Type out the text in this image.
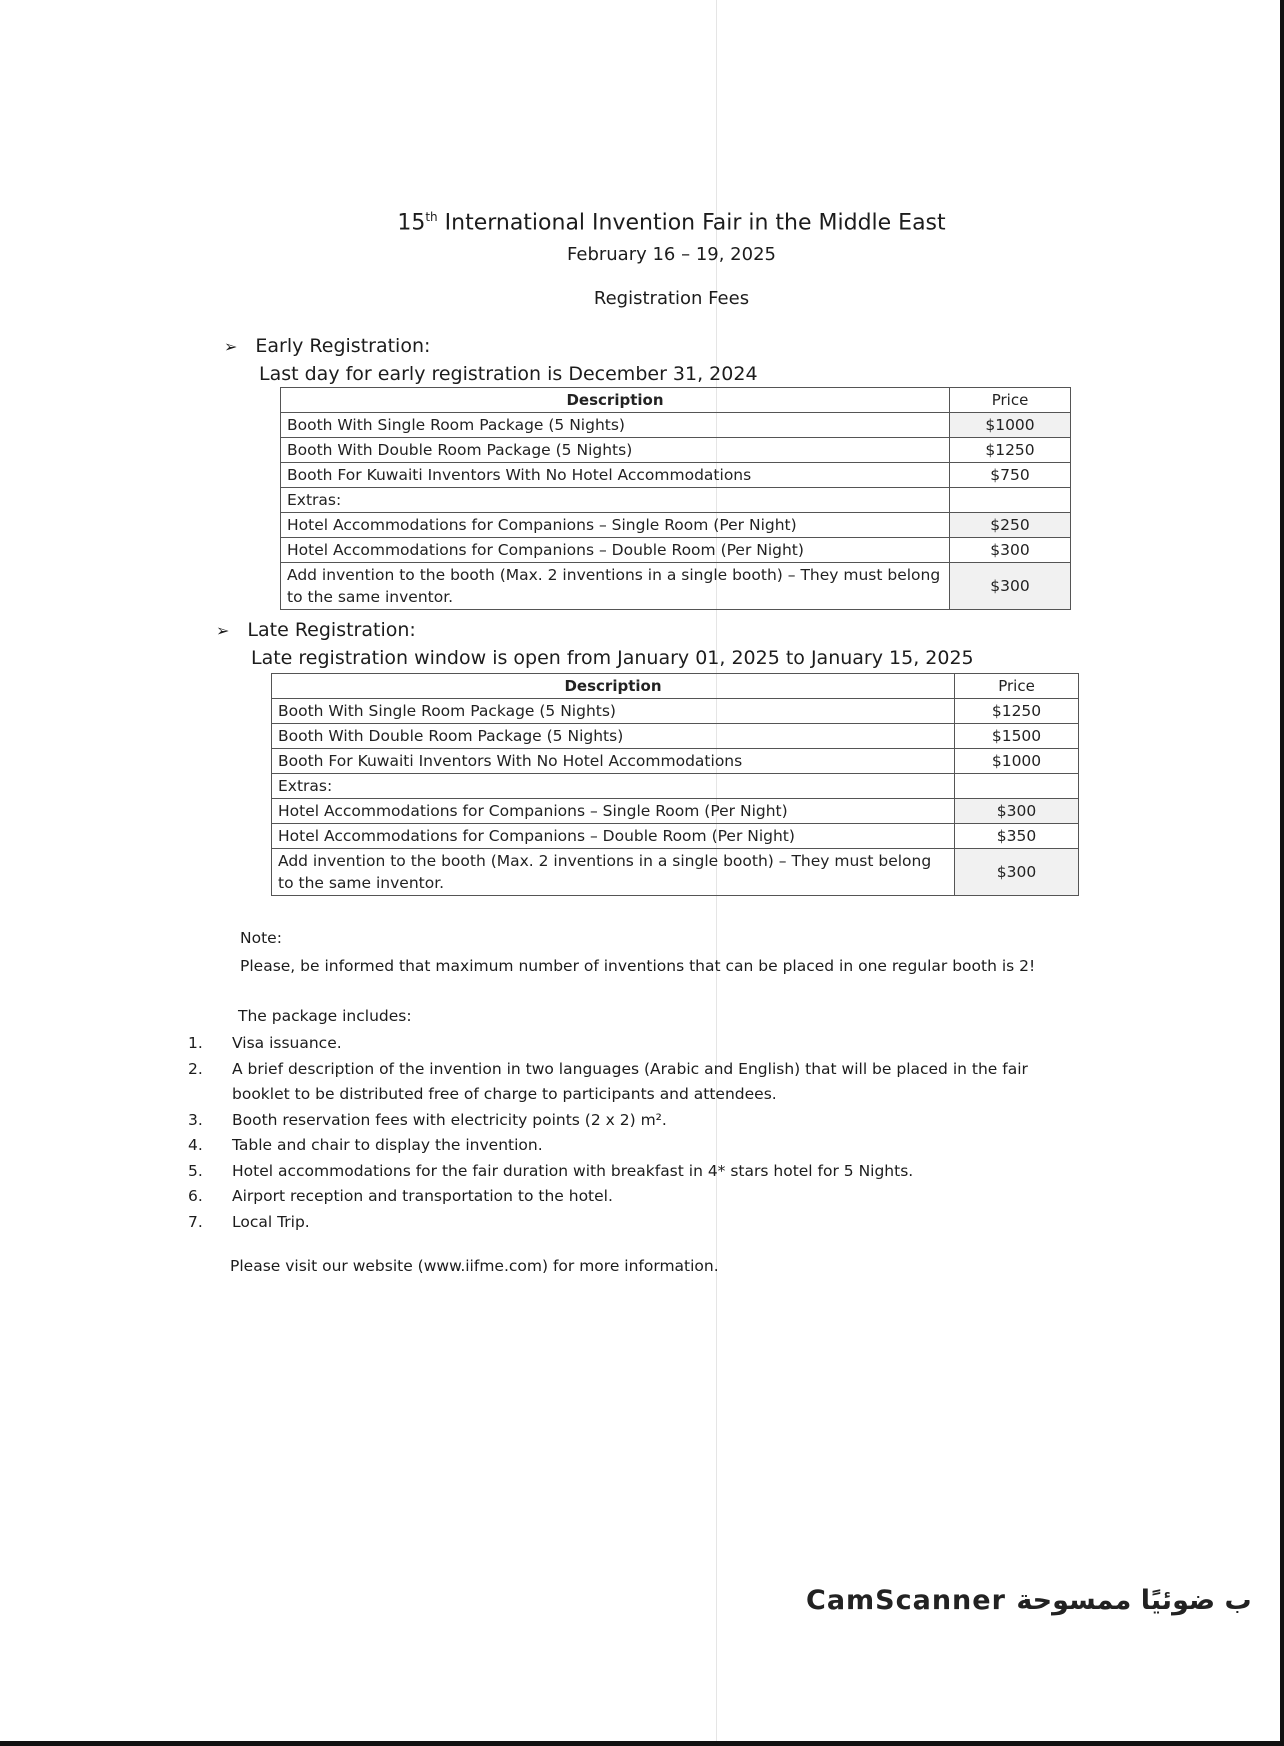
15th International Invention Fair in the Middle East
February 16 – 19, 2025
Registration Fees
➢ Early Registration:
Last day for early registration is December 31, 2024
Description	Price
Booth With Single Room Package (5 Nights)	$1000
Booth With Double Room Package (5 Nights)	$1250
Booth For Kuwaiti Inventors With No Hotel Accommodations	$750
Extras:	
Hotel Accommodations for Companions – Single Room (Per Night)	$250
Hotel Accommodations for Companions – Double Room (Per Night)	$300
Add invention to the booth (Max. 2 inventions in a single booth) – They must belong to the same inventor.	$300
➢ Late Registration:
Late registration window is open from January 01, 2025 to January 15, 2025
Description	Price
Booth With Single Room Package (5 Nights)	$1250
Booth With Double Room Package (5 Nights)	$1500
Booth For Kuwaiti Inventors With No Hotel Accommodations	$1000
Extras:	
Hotel Accommodations for Companions – Single Room (Per Night)	$300
Hotel Accommodations for Companions – Double Room (Per Night)	$350
Add invention to the booth (Max. 2 inventions in a single booth) – They must belong to the same inventor.	$300
Note:
Please, be informed that maximum number of inventions that can be placed in one regular booth is 2!
The package includes:
1.	Visa issuance.
2.	A brief description of the invention in two languages (Arabic and English) that will be placed in the fair booklet to be distributed free of charge to participants and attendees.
3.	Booth reservation fees with electricity points (2 x 2) m².
4.	Table and chair to display the invention.
5.	Hotel accommodations for the fair duration with breakfast in 4* stars hotel for 5 Nights.
6.	Airport reception and transportation to the hotel.
7.	Local Trip.
Please visit our website (www.iifme.com) for more information.
CamScanner ب ضوئيًا ممسوحة
